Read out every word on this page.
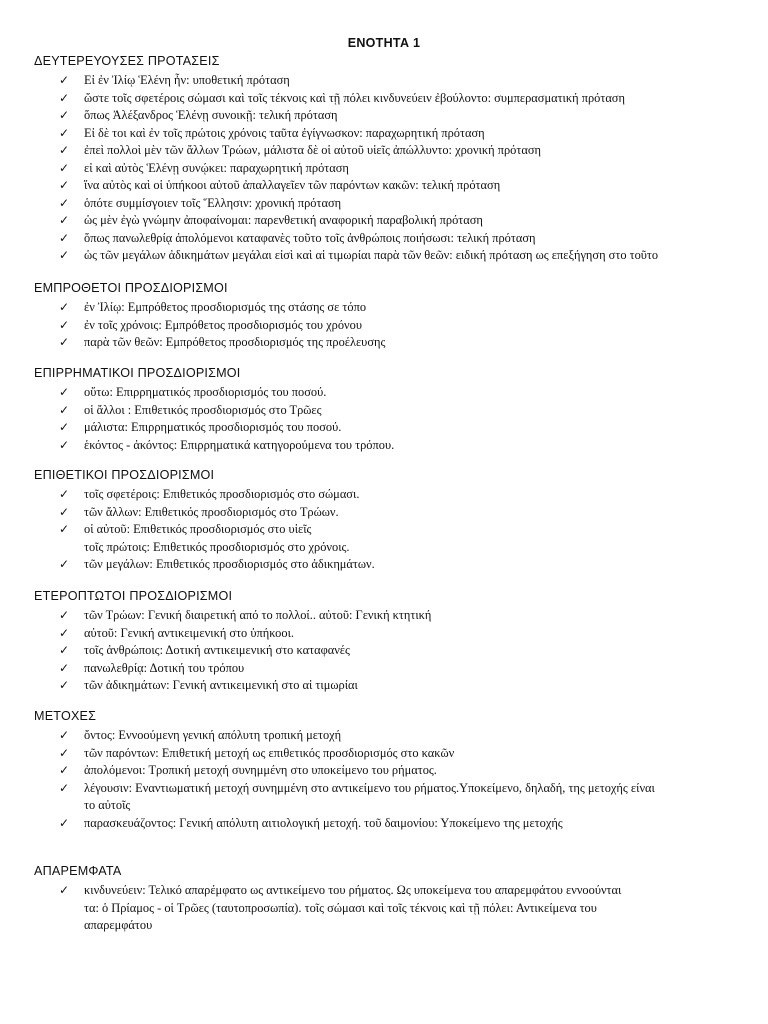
ΕΝΟΤΗΤΑ 1
ΔΕΥΤΕΡΕΥΟΥΣΕΣ ΠΡΟΤΑΣΕΙΣ
✓	Εἰ ἐν Ἰλίῳ Ἑλένη ἦν: υποθετική πρόταση
✓	ὥστε τοῖς σφετέροις σώμασι καὶ τοῖς τέκνοις καὶ τῇ πόλει κινδυνεύειν ἐβούλοντο: συμπερασματική πρόταση
✓	ὅπως Ἀλέξανδρος Ἑλένῃ συνοικῇ: τελική πρόταση
✓	Εἰ δὲ τοι καὶ ἐν τοῖς πρώτοις χρόνοις ταῦτα ἐγίγνωσκον: παραχωρητική πρόταση
✓	ἐπεὶ πολλοὶ μὲν τῶν ἄλλων Τρώων, μάλιστα δὲ οἱ αὐτοῦ υἱεῖς ἀπώλλυντο: χρονική πρόταση
✓	εἰ καὶ αὐτὸς Ἑλένῃ συνῴκει: παραχωρητική πρόταση
✓	ἵνα αὐτὸς καὶ οἱ ὑπήκοοι αὐτοῦ ἀπαλλαγεῖεν τῶν παρόντων κακῶν: τελική πρόταση
✓	ὁπότε συμμίσγοιεν τοῖς Ἕλλησιν: χρονική πρόταση
✓	ὡς μὲν ἐγὼ γνώμην ἀποφαίνομαι: παρενθετική αναφορική παραβολική πρόταση
✓	ὅπως πανωλεθρίᾳ ἀπολόμενοι καταφανὲς τοῦτο τοῖς ἀνθρώποις ποιήσωσι: τελική πρόταση
✓	ὡς τῶν μεγάλων ἀδικημάτων μεγάλαι εἰσὶ καὶ αἱ τιμωρίαι παρὰ τῶν θεῶν: ειδική πρόταση ως επεξήγηση στο τοῦτο
ΕΜΠΡΟΘΕΤΟΙ ΠΡΟΣΔΙΟΡΙΣΜΟΙ
✓	ἐν Ἰλίῳ: Εμπρόθετος προσδιορισμός της στάσης σε τόπο
✓	ἐν τοῖς χρόνοις: Εμπρόθετος προσδιορισμός του χρόνου
✓	παρὰ τῶν θεῶν: Εμπρόθετος προσδιορισμός της προέλευσης
ΕΠΙΡΡΗΜΑΤΙΚΟΙ ΠΡΟΣΔΙΟΡΙΣΜΟΙ
✓	οὕτω: Επιρρηματικός προσδιορισμός του ποσού.
✓	οἱ ἄλλοι : Επιθετικός προσδιορισμός στο Τρῶες
✓	μάλιστα: Επιρρηματικός προσδιορισμός του ποσού.
✓	ἑκόντος - ἀκόντος: Επιρρηματικά κατηγορούμενα του τρόπου.
ΕΠΙΘΕΤΙΚΟΙ ΠΡΟΣΔΙΟΡΙΣΜΟΙ
✓	τοῖς σφετέροις: Επιθετικός προσδιορισμός στο σώμασι.
✓	τῶν ἄλλων: Επιθετικός προσδιορισμός στο Τρώων.
✓	οἱ αὐτοῦ: Επιθετικός προσδιορισμός στο υἱεῖς
τοῖς πρώτοις: Επιθετικός προσδιορισμός στο χρόνοις.
✓	τῶν μεγάλων: Επιθετικός προσδιορισμός στο ἀδικημάτων.
ΕΤΕΡΟΠΤΩΤΟΙ ΠΡΟΣΔΙΟΡΙΣΜΟΙ
✓	τῶν Τρώων: Γενική διαιρετική από το πολλοί.. αὐτοῦ: Γενική κτητική
✓	αὐτοῦ: Γενική αντικειμενική στο ὑπήκοοι.
✓	τοῖς ἀνθρώποις: Δοτική αντικειμενική στο καταφανές
✓	πανωλεθρίᾳ: Δοτική του τρόπου
✓	τῶν ἀδικημάτων: Γενική αντικειμενική στο αἱ τιμωρίαι
ΜΕΤΟΧΕΣ
✓	ὄντος: Εννοούμενη γενική απόλυτη τροπική μετοχή
✓	τῶν παρόντων: Επιθετική μετοχή ως επιθετικός προσδιορισμός στο κακῶν
✓	ἀπολόμενοι: Τροπική μετοχή συνημμένη στο υποκείμενο του ρήματος.
✓	λέγουσιν: Εναντιωματική μετοχή συνημμένη στο αντικείμενο του ρήματος.Υποκείμενο, δηλαδή, της μετοχής είναι
το αὐτοῖς
✓	παρασκευάζοντος: Γενική απόλυτη αιτιολογική μετοχή. τοῦ δαιμονίου: Υποκείμενο της μετοχής
ΑΠΑΡΕΜΦΑΤΑ
✓	κινδυνεύειν: Τελικό απαρέμφατο ως αντικείμενο του ρήματος. Ως υποκείμενα του απαρεμφάτου εννοούνται
τα: ὁ Πρίαμος - οἱ Τρῶες (ταυτοπροσωπία). τοῖς σώμασι καὶ τοῖς τέκνοις καὶ τῇ πόλει: Αντικείμενα του
απαρεμφάτου
